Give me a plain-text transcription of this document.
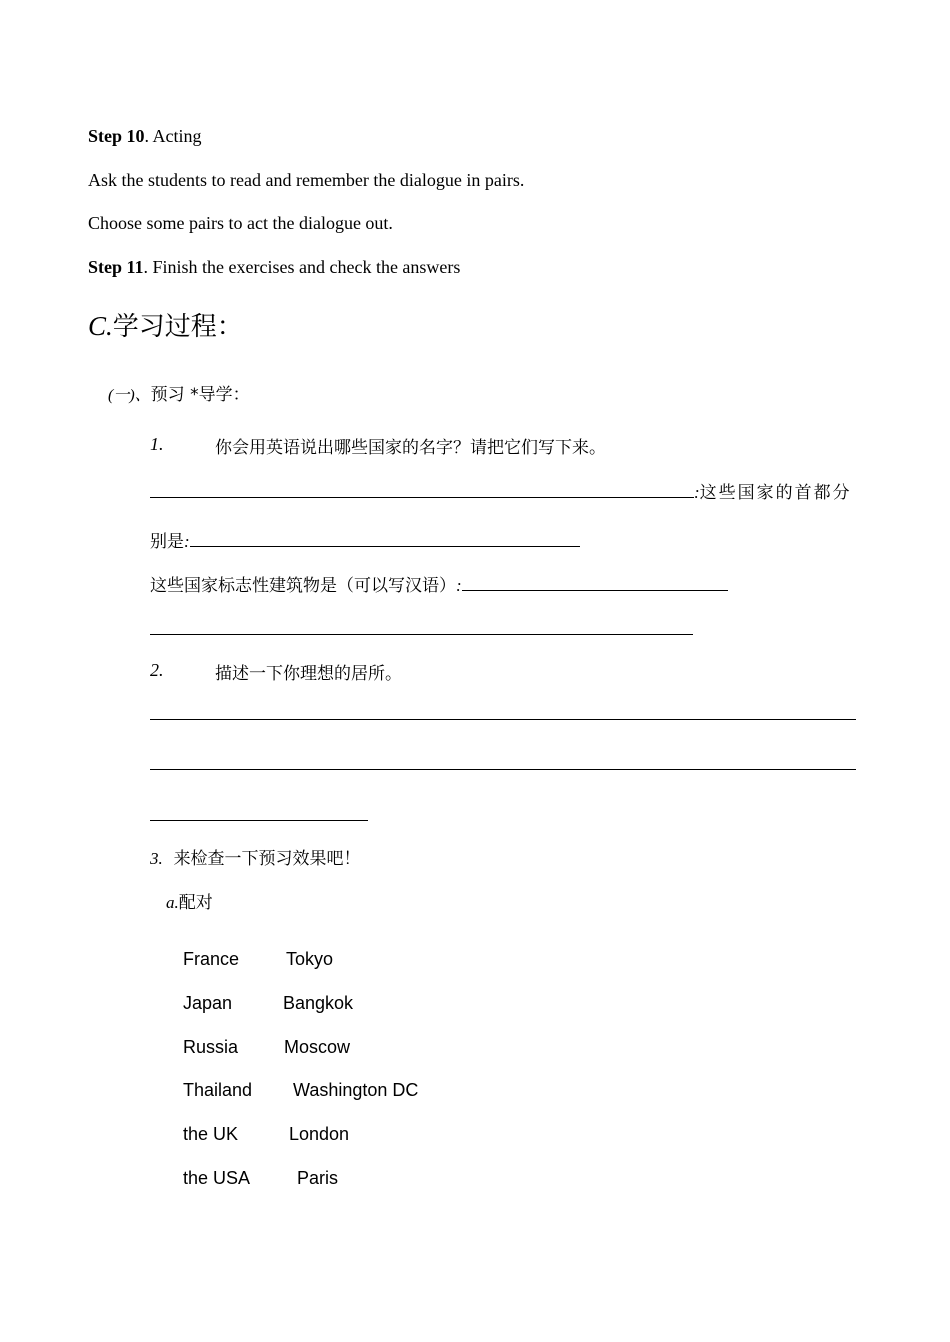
Step 10. Acting
Ask the students to read and remember the dialogue in pairs.
Choose some pairs to act the dialogue out.
Step 11. Finish the exercises and check the answers
C.学习过程：
(一)、预习 *导学：
1.	你会用英语说出哪些国家的名字？请把它们写下来。
:这些国家的首都分
别是:
这些国家标志性建筑物是（可以写汉语）:
2.	描述一下你理想的居所。
3. 来检查一下预习效果吧！
a.配对
France	Tokyo
Japan	Bangkok
Russia	Moscow
Thailand Washington DC
the UK	London
the USA	Paris
